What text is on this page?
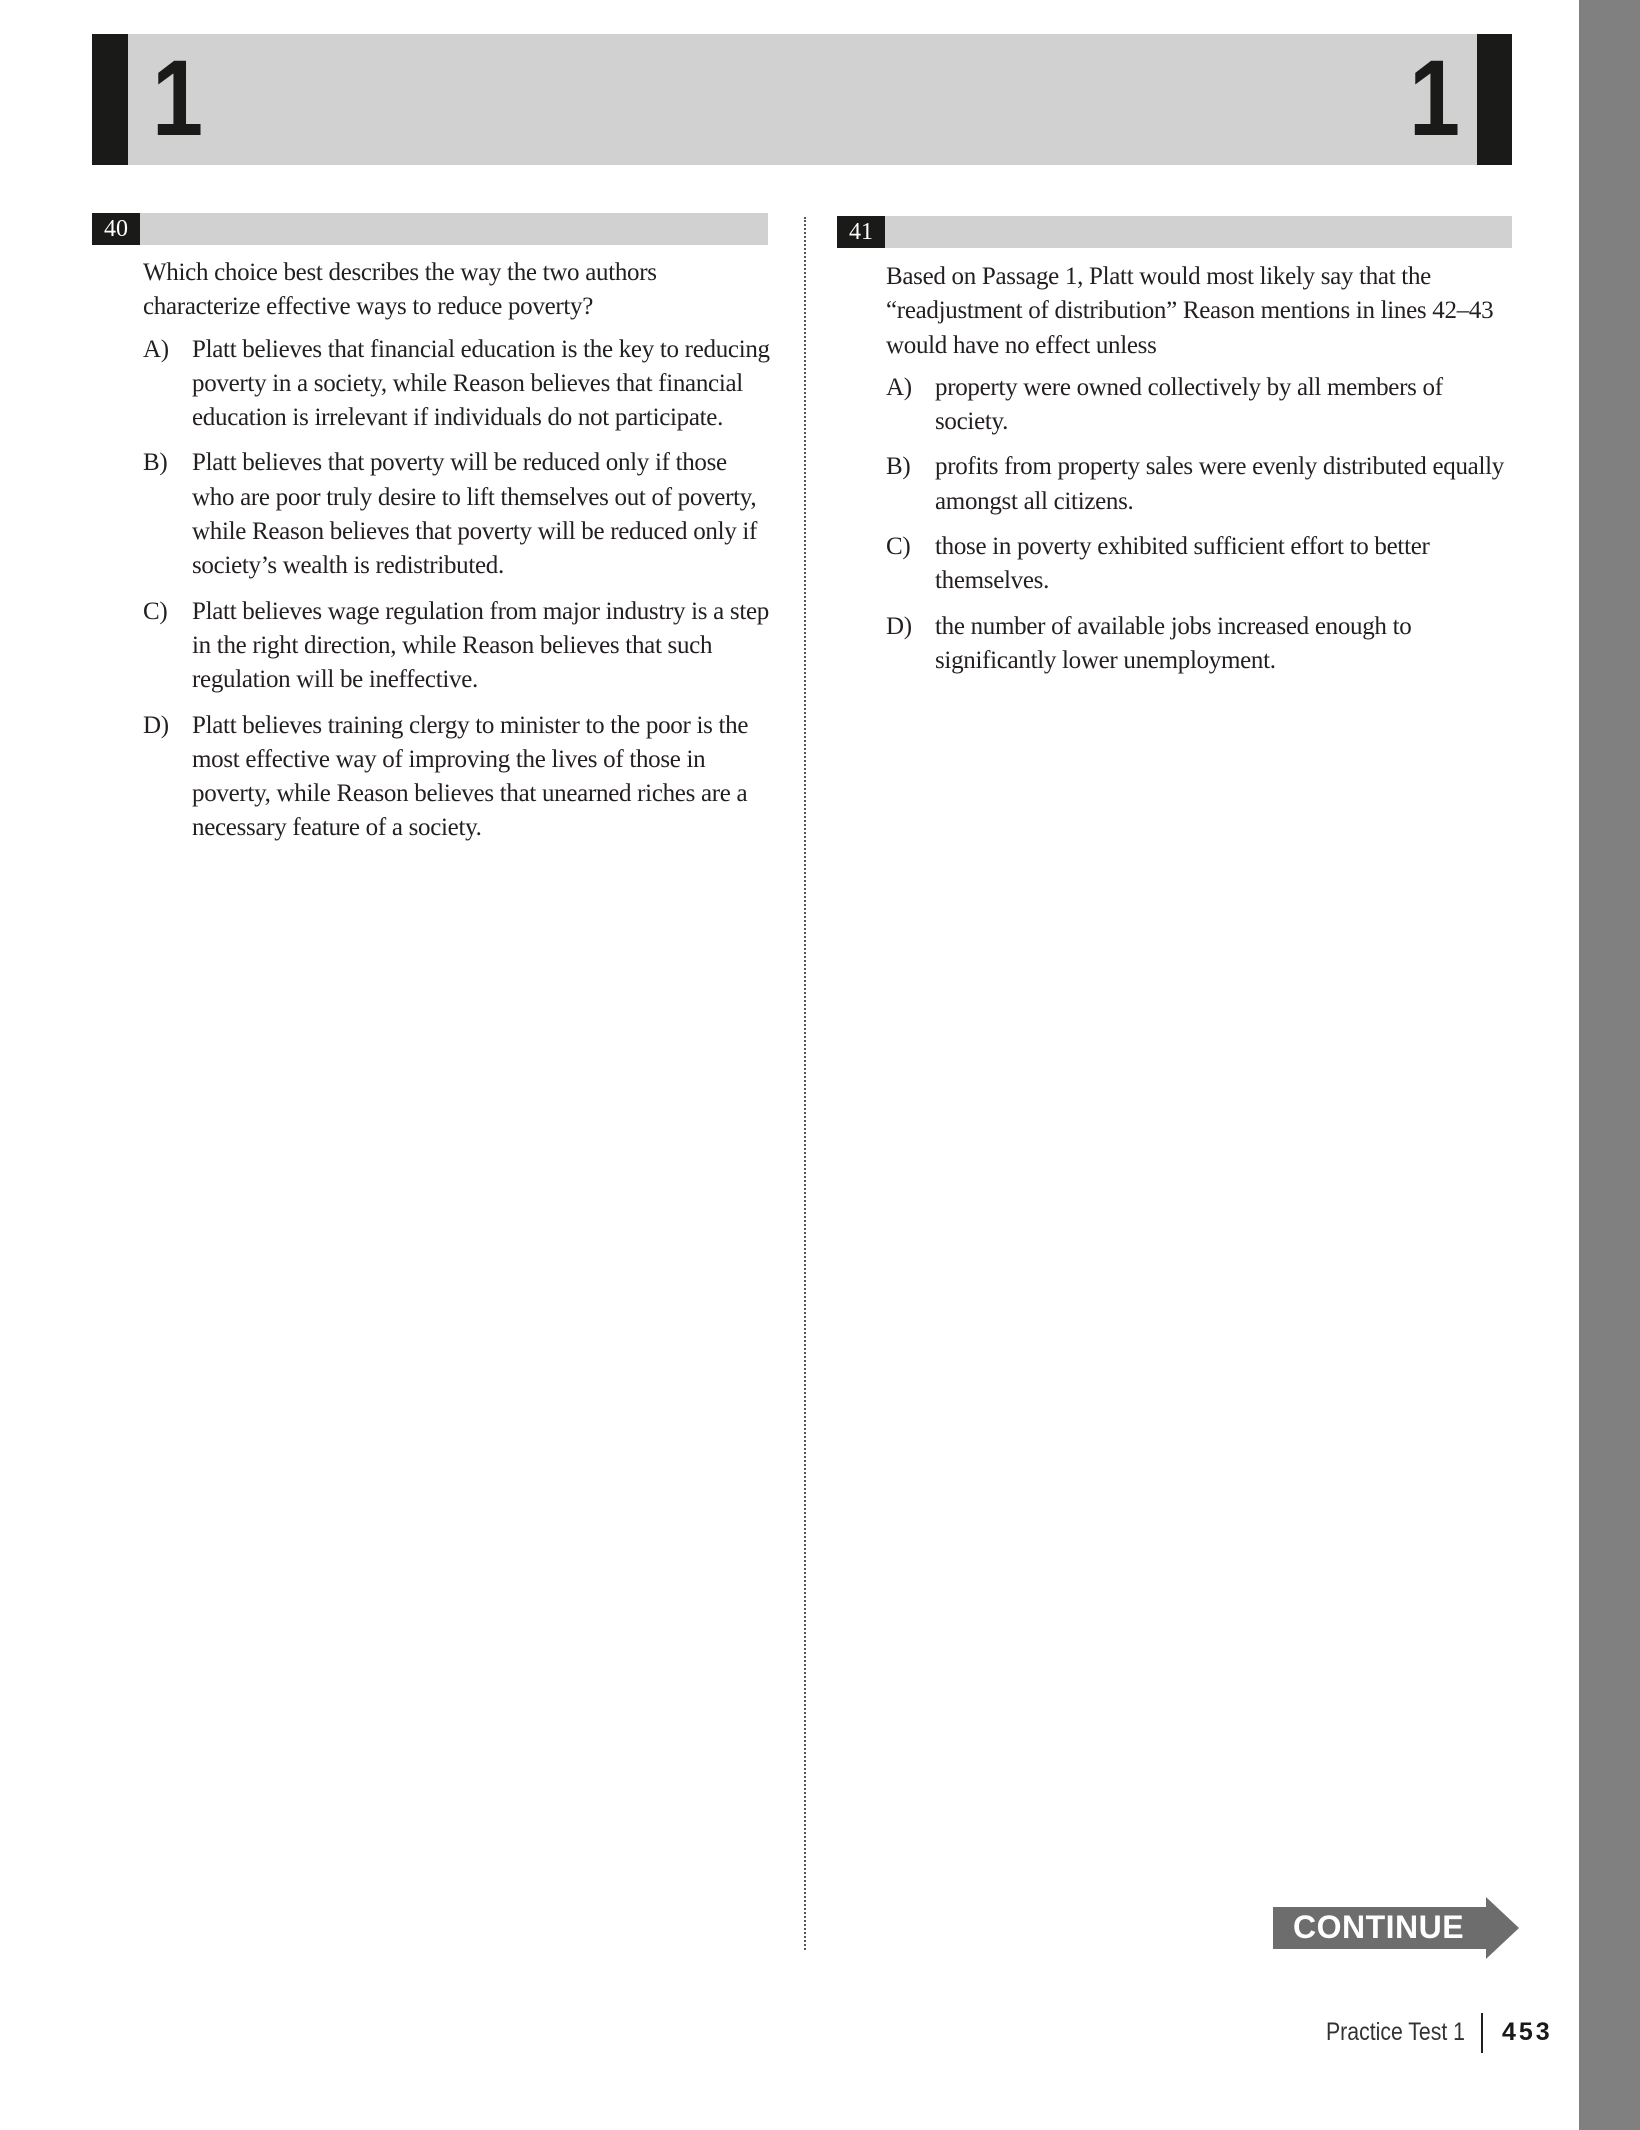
1	1
40

Which choice best describes the way the two authors characterize effective ways to reduce poverty?

A) Platt believes that financial education is the key to reducing poverty in a society, while Reason believes that financial education is irrelevant if individuals do not participate.
B) Platt believes that poverty will be reduced only if those who are poor truly desire to lift themselves out of poverty, while Reason believes that poverty will be reduced only if society’s wealth is redistributed.
C) Platt believes wage regulation from major industry is a step in the right direction, while Reason believes that such regulation will be ineffective.
D) Platt believes training clergy to minister to the poor is the most effective way of improving the lives of those in poverty, while Reason believes that unearned riches are a necessary feature of a society.
41

Based on Passage 1, Platt would most likely say that the “readjustment of distribution” Reason mentions in lines 42–43 would have no effect unless

A) property were owned collectively by all members of society.
B) profits from property sales were evenly distributed equally amongst all citizens.
C) those in poverty exhibited sufficient effort to better themselves.
D) the number of available jobs increased enough to significantly lower unemployment.
CONTINUE
Practice Test 1 453
